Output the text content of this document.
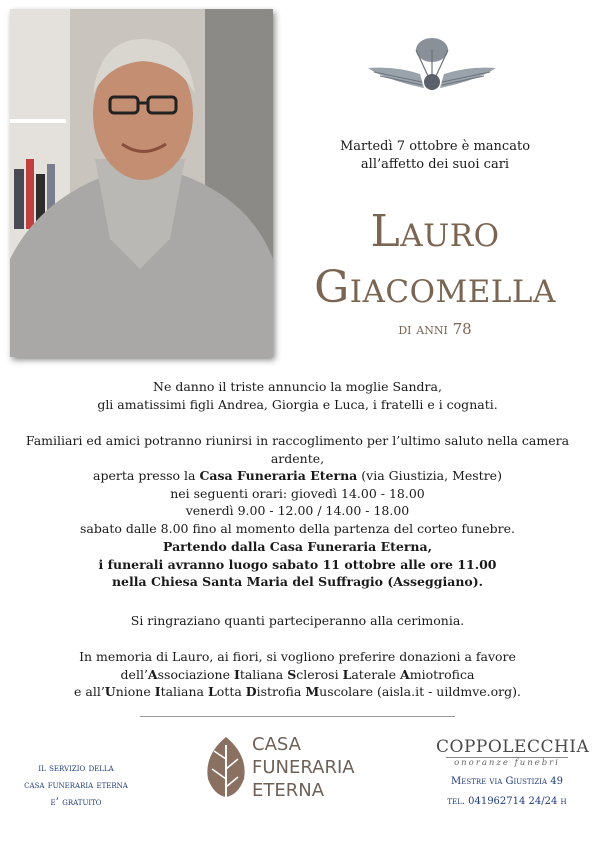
Martedì 7 ottobre è mancato
all’affetto dei suoi cari
Lauro
Giacomella
di anni 78
Ne danno il triste annuncio la moglie Sandra,
gli amatissimi figli Andrea, Giorgia e Luca, i fratelli e i cognati.
Familiari ed amici potranno riunirsi in raccoglimento per l’ultimo saluto nella camera ardente,
aperta presso la Casa Funeraria Eterna (via Giustizia, Mestre)
nei seguenti orari: giovedì 14.00 - 18.00
venerdì 9.00 - 12.00 / 14.00 - 18.00
sabato dalle 8.00 fino al momento della partenza del corteo funebre.
Partendo dalla Casa Funeraria Eterna,
i funerali avranno luogo sabato 11 ottobre alle ore 11.00
nella Chiesa Santa Maria del Suffragio (Asseggiano).
Si ringraziano quanti parteciperanno alla cerimonia.
In memoria di Lauro, ai fiori, si vogliono preferire donazioni a favore
dell’Associazione Italiana Sclerosi Laterale Amiotrofica
e all’Unione Italiana Lotta Distrofia Muscolare (aisla.it - uildmve.org).
il servizio della
casa funeraria eterna
e’ gratuito
CASA
FUNERARIA
ETERNA
COPPOLECCHIA
onoranze funebri
Mestre via Giustizia 49
tel. 041962714 24/24 h
